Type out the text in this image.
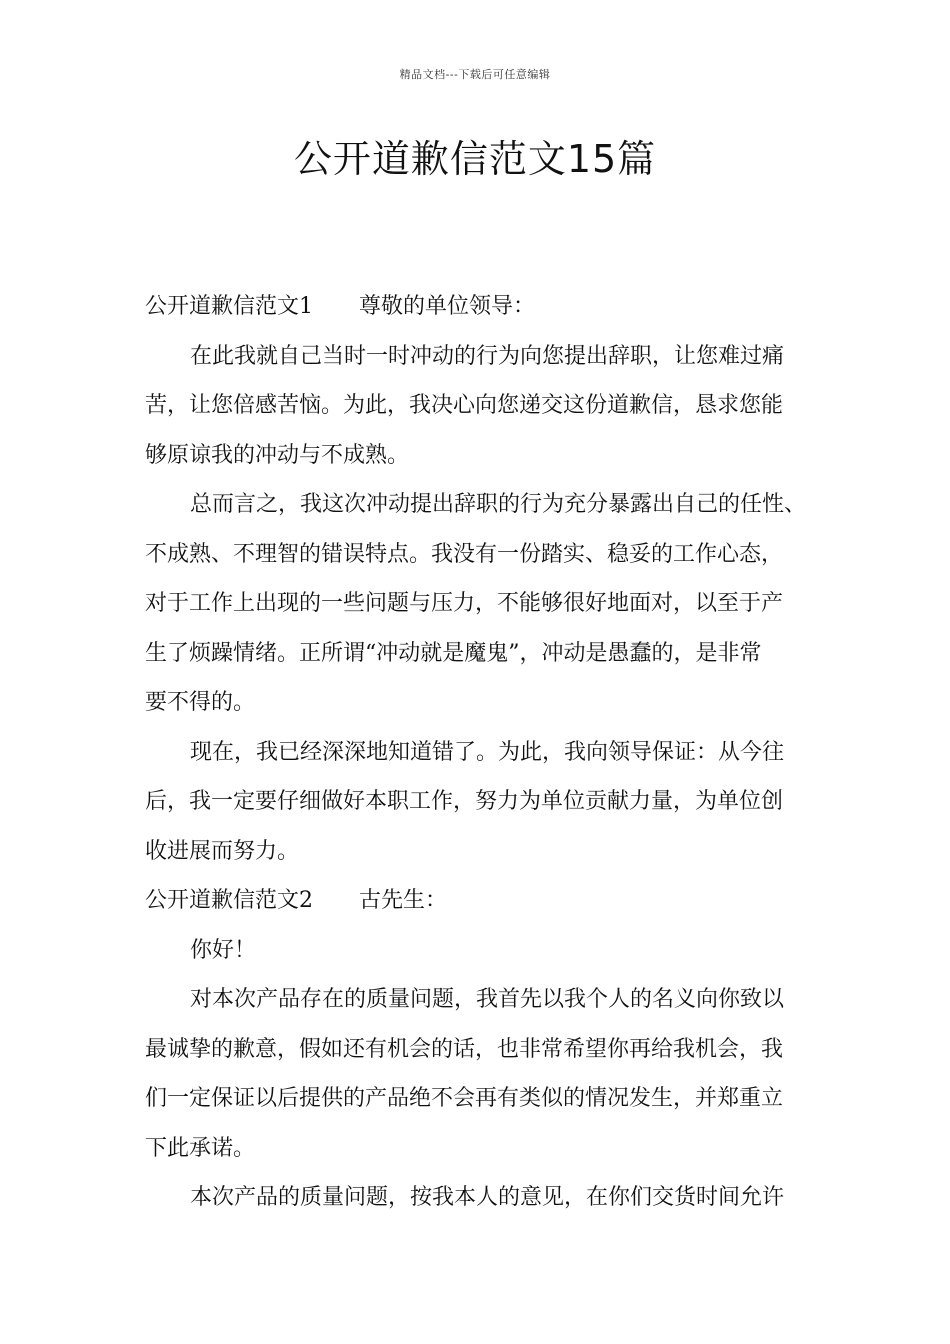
精品文档---下载后可任意编辑
公开道歉信范文15篇
公开道歉信范文1 尊敬的单位领导：
在此我就自己当时一时冲动的行为向您提出辞职，让您难过痛
苦，让您倍感苦恼。为此，我决心向您递交这份道歉信，恳求您能
够原谅我的冲动与不成熟。
总而言之，我这次冲动提出辞职的行为充分暴露出自己的任性、
不成熟、不理智的错误特点。我没有一份踏实、稳妥的工作心态，
对于工作上出现的一些问题与压力，不能够很好地面对，以至于产
生了烦躁情绪。正所谓“冲动就是魔鬼”，冲动是愚蠢的，是非常
要不得的。
现在，我已经深深地知道错了。为此，我向领导保证：从今往
后，我一定要仔细做好本职工作，努力为单位贡献力量，为单位创
收进展而努力。
公开道歉信范文2 古先生：
你好！
对本次产品存在的质量问题，我首先以我个人的名义向你致以
最诚挚的歉意，假如还有机会的话，也非常希望你再给我机会，我
们一定保证以后提供的产品绝不会再有类似的情况发生，并郑重立
下此承诺。
本次产品的质量问题，按我本人的意见，在你们交货时间允许
